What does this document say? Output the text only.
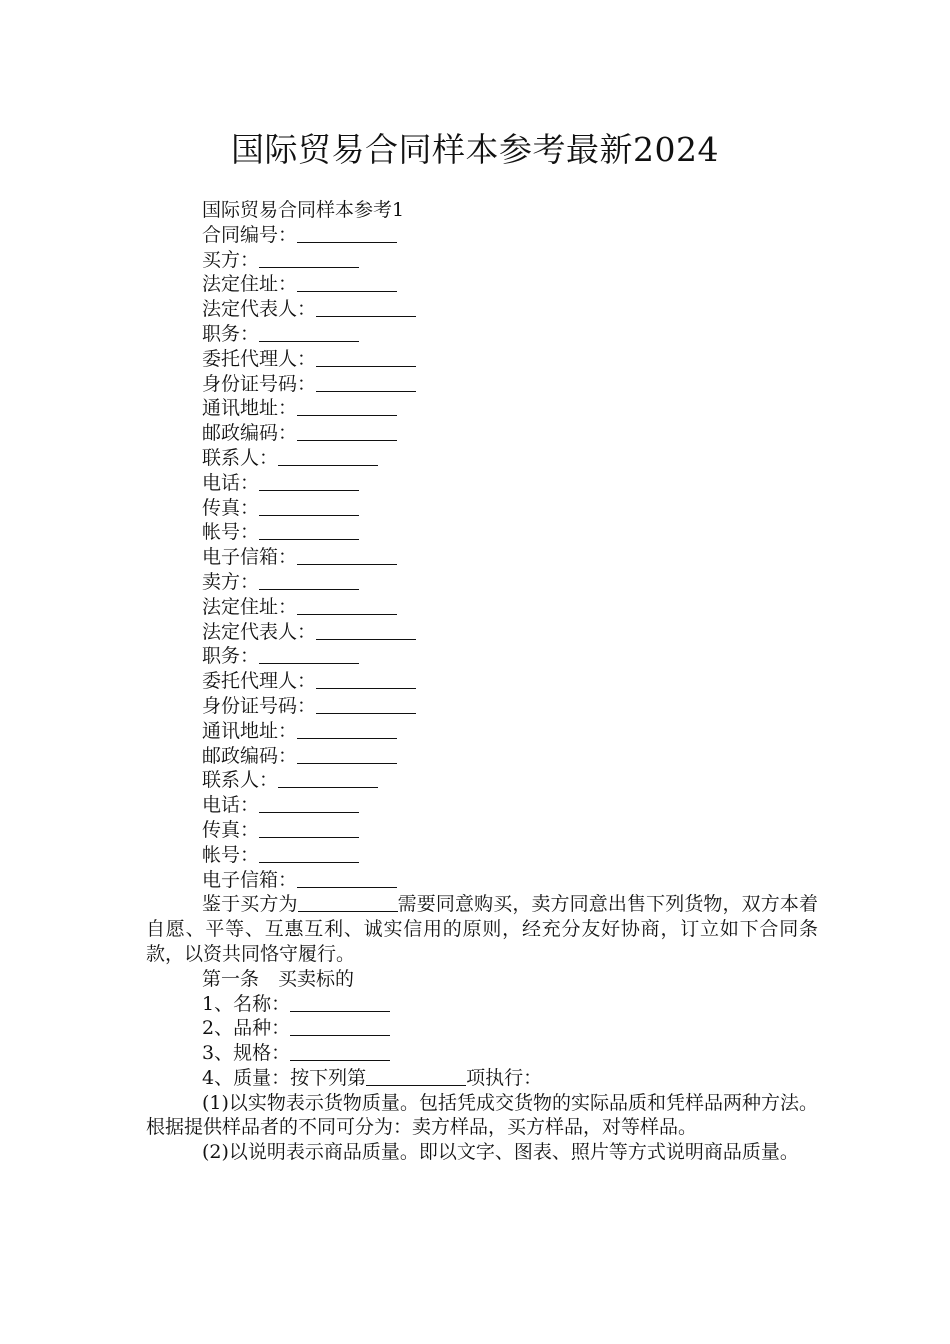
国际贸易合同样本参考最新2024
国际贸易合同样本参考1
合同编号：
买方：
法定住址：
法定代表人：
职务：
委托代理人：
身份证号码：
通讯地址：
邮政编码：
联系人：
电话：
传真：
帐号：
电子信箱：
卖方：
法定住址：
法定代表人：
职务：
委托代理人：
身份证号码：
通讯地址：
邮政编码：
联系人：
电话：
传真：
帐号：
电子信箱：
鉴于买方为	需要同意购买，卖方同意出售下列货物，双方本着自愿、平等、互惠互利、诚实信用的原则，经充分友好协商，订立如下合同条款，以资共同恪守履行。
第一条　买卖标的
1、名称：
2、品种：
3、规格：
4、质量：按下列第	项执行：
(1)以实物表示货物质量。包括凭成交货物的实际品质和凭样品两种方法。根据提供样品者的不同可分为：卖方样品，买方样品，对等样品。
(2)以说明表示商品质量。即以文字、图表、照片等方式说明商品质量。
